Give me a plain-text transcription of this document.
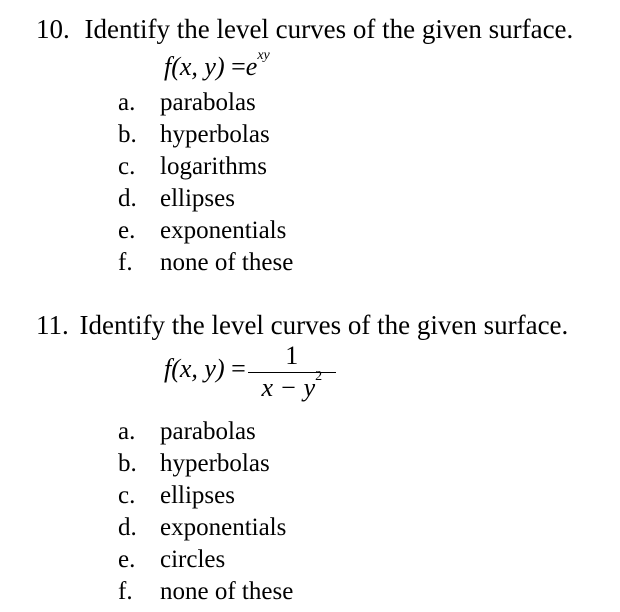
10. Identify the level curves of the given surface.
f(x, $y) =e^{xy}$
a. parabolas
b. hyperbolas
c. logarithms
d. ellipses
e. exponentials
f. none of these
11. Identify the level curves of the given surface.
f(x, $y) = \frac{1}{x - y^2}$
a. parabolas
b. hyperbolas
c. ellipses
d. exponentials
e. circles
f. none of these
